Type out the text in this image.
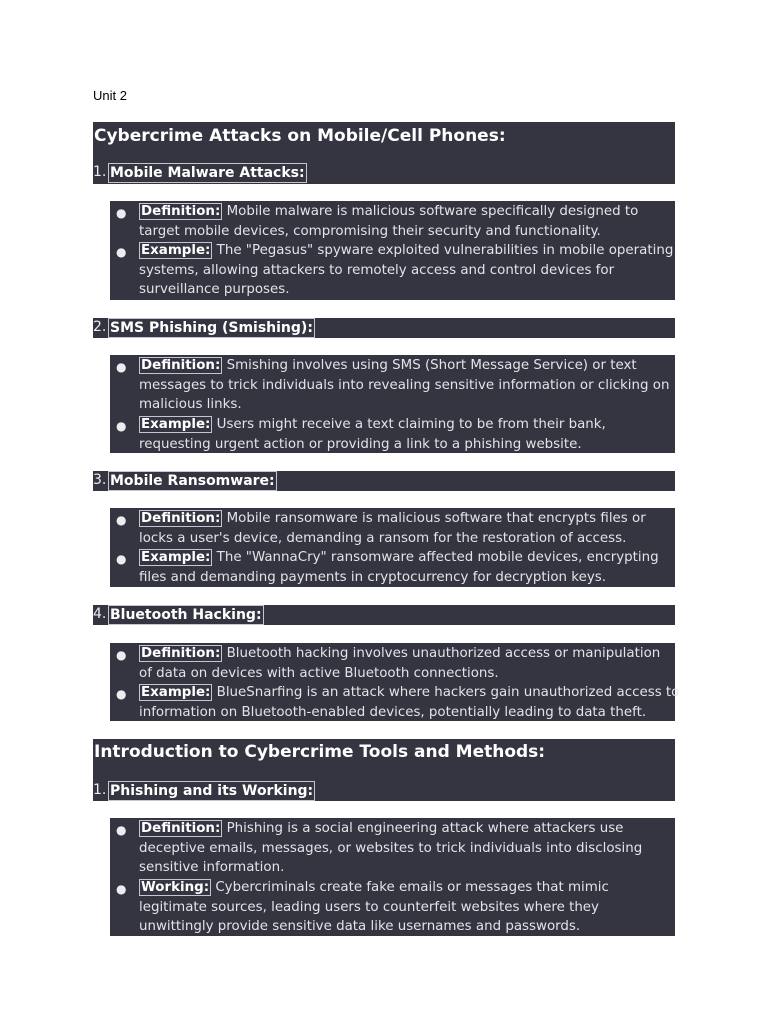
Unit 2
Cybercrime Attacks on Mobile/Cell Phones:
1. Mobile Malware Attacks:
● Definition: Mobile malware is malicious software specifically designed to
target mobile devices, compromising their security and functionality.
● Example: The "Pegasus" spyware exploited vulnerabilities in mobile operating
systems, allowing attackers to remotely access and control devices for
surveillance purposes.
2. SMS Phishing (Smishing):
● Definition: Smishing involves using SMS (Short Message Service) or text
messages to trick individuals into revealing sensitive information or clicking on
malicious links.
● Example: Users might receive a text claiming to be from their bank,
requesting urgent action or providing a link to a phishing website.
3. Mobile Ransomware:
● Definition: Mobile ransomware is malicious software that encrypts files or
locks a user's device, demanding a ransom for the restoration of access.
● Example: The "WannaCry" ransomware affected mobile devices, encrypting
files and demanding payments in cryptocurrency for decryption keys.
4. Bluetooth Hacking:
● Definition: Bluetooth hacking involves unauthorized access or manipulation
of data on devices with active Bluetooth connections.
● Example: BlueSnarfing is an attack where hackers gain unauthorized access to
information on Bluetooth-enabled devices, potentially leading to data theft.
Introduction to Cybercrime Tools and Methods:
1. Phishing and its Working:
● Definition: Phishing is a social engineering attack where attackers use
deceptive emails, messages, or websites to trick individuals into disclosing
sensitive information.
● Working: Cybercriminals create fake emails or messages that mimic
legitimate sources, leading users to counterfeit websites where they
unwittingly provide sensitive data like usernames and passwords.
